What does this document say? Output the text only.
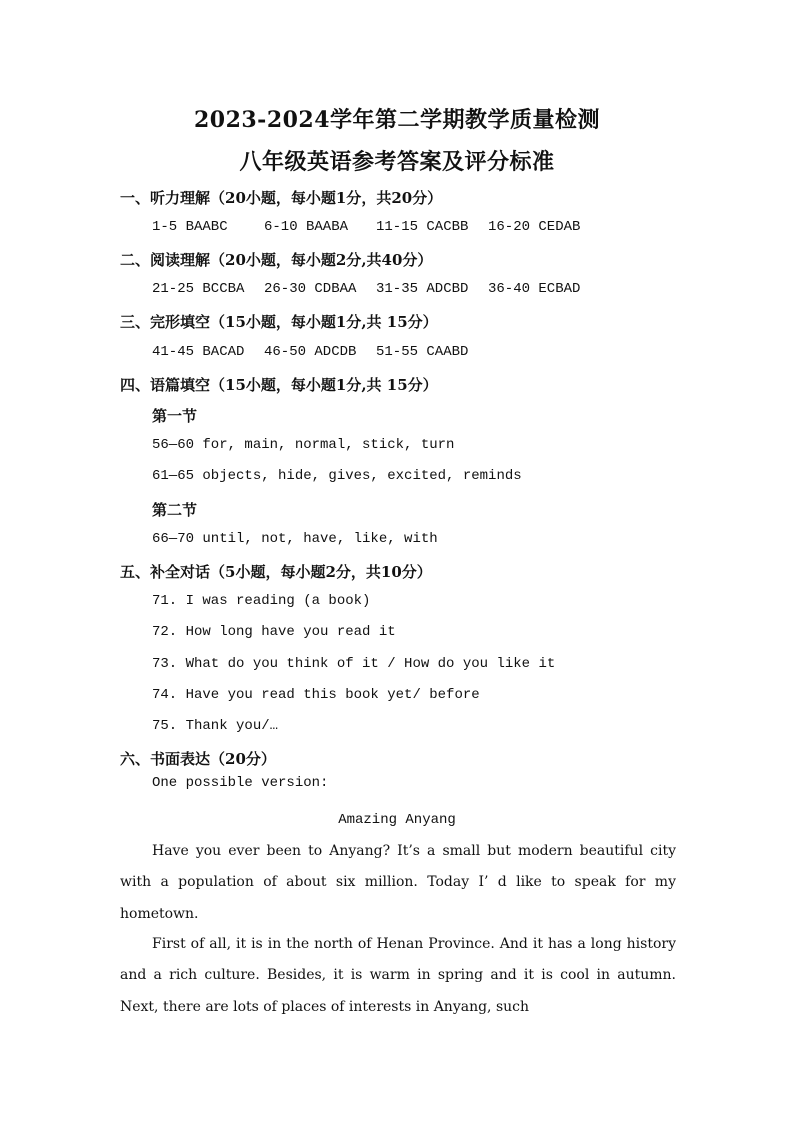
2023-2024学年第二学期教学质量检测
八年级英语参考答案及评分标准
一、听力理解（20小题，每小题1分，共20分）
1-5 BAABC	6-10 BAABA 11-15 CACBB 16-20 CEDAB
二、阅读理解（20小题，每小题2分,共40分）
21-25 BCCBA 26-30 CDBAA 31-35 ADCBD 36-40 ECBAD
三、完形填空（15小题，每小题1分,共 15分）
41-45 BACAD 46-50 ADCDB 51-55 CAABD
四、语篇填空（15小题，每小题1分,共 15分）
第一节
56—60 for, main, normal, stick, turn
61—65 objects, hide, gives, excited, reminds
第二节
66—70 until, not, have, like, with
五、补全对话（5小题，每小题2分，共10分）
71. I was reading (a book)
72. How long have you read it
73. What do you think of it / How do you like it
74. Have you read this book yet/ before
75. Thank you/…
六、书面表达（20分）
One possible version:
Amazing Anyang
Have you ever been to Anyang? It’s a small but modern beautiful city with a population of about six million. Today I’ d like to speak for my hometown.
First of all, it is in the north of Henan Province. And it has a long history and a rich culture. Besides, it is warm in spring and it is cool in autumn. Next, there are lots of places of interests in Anyang, such
